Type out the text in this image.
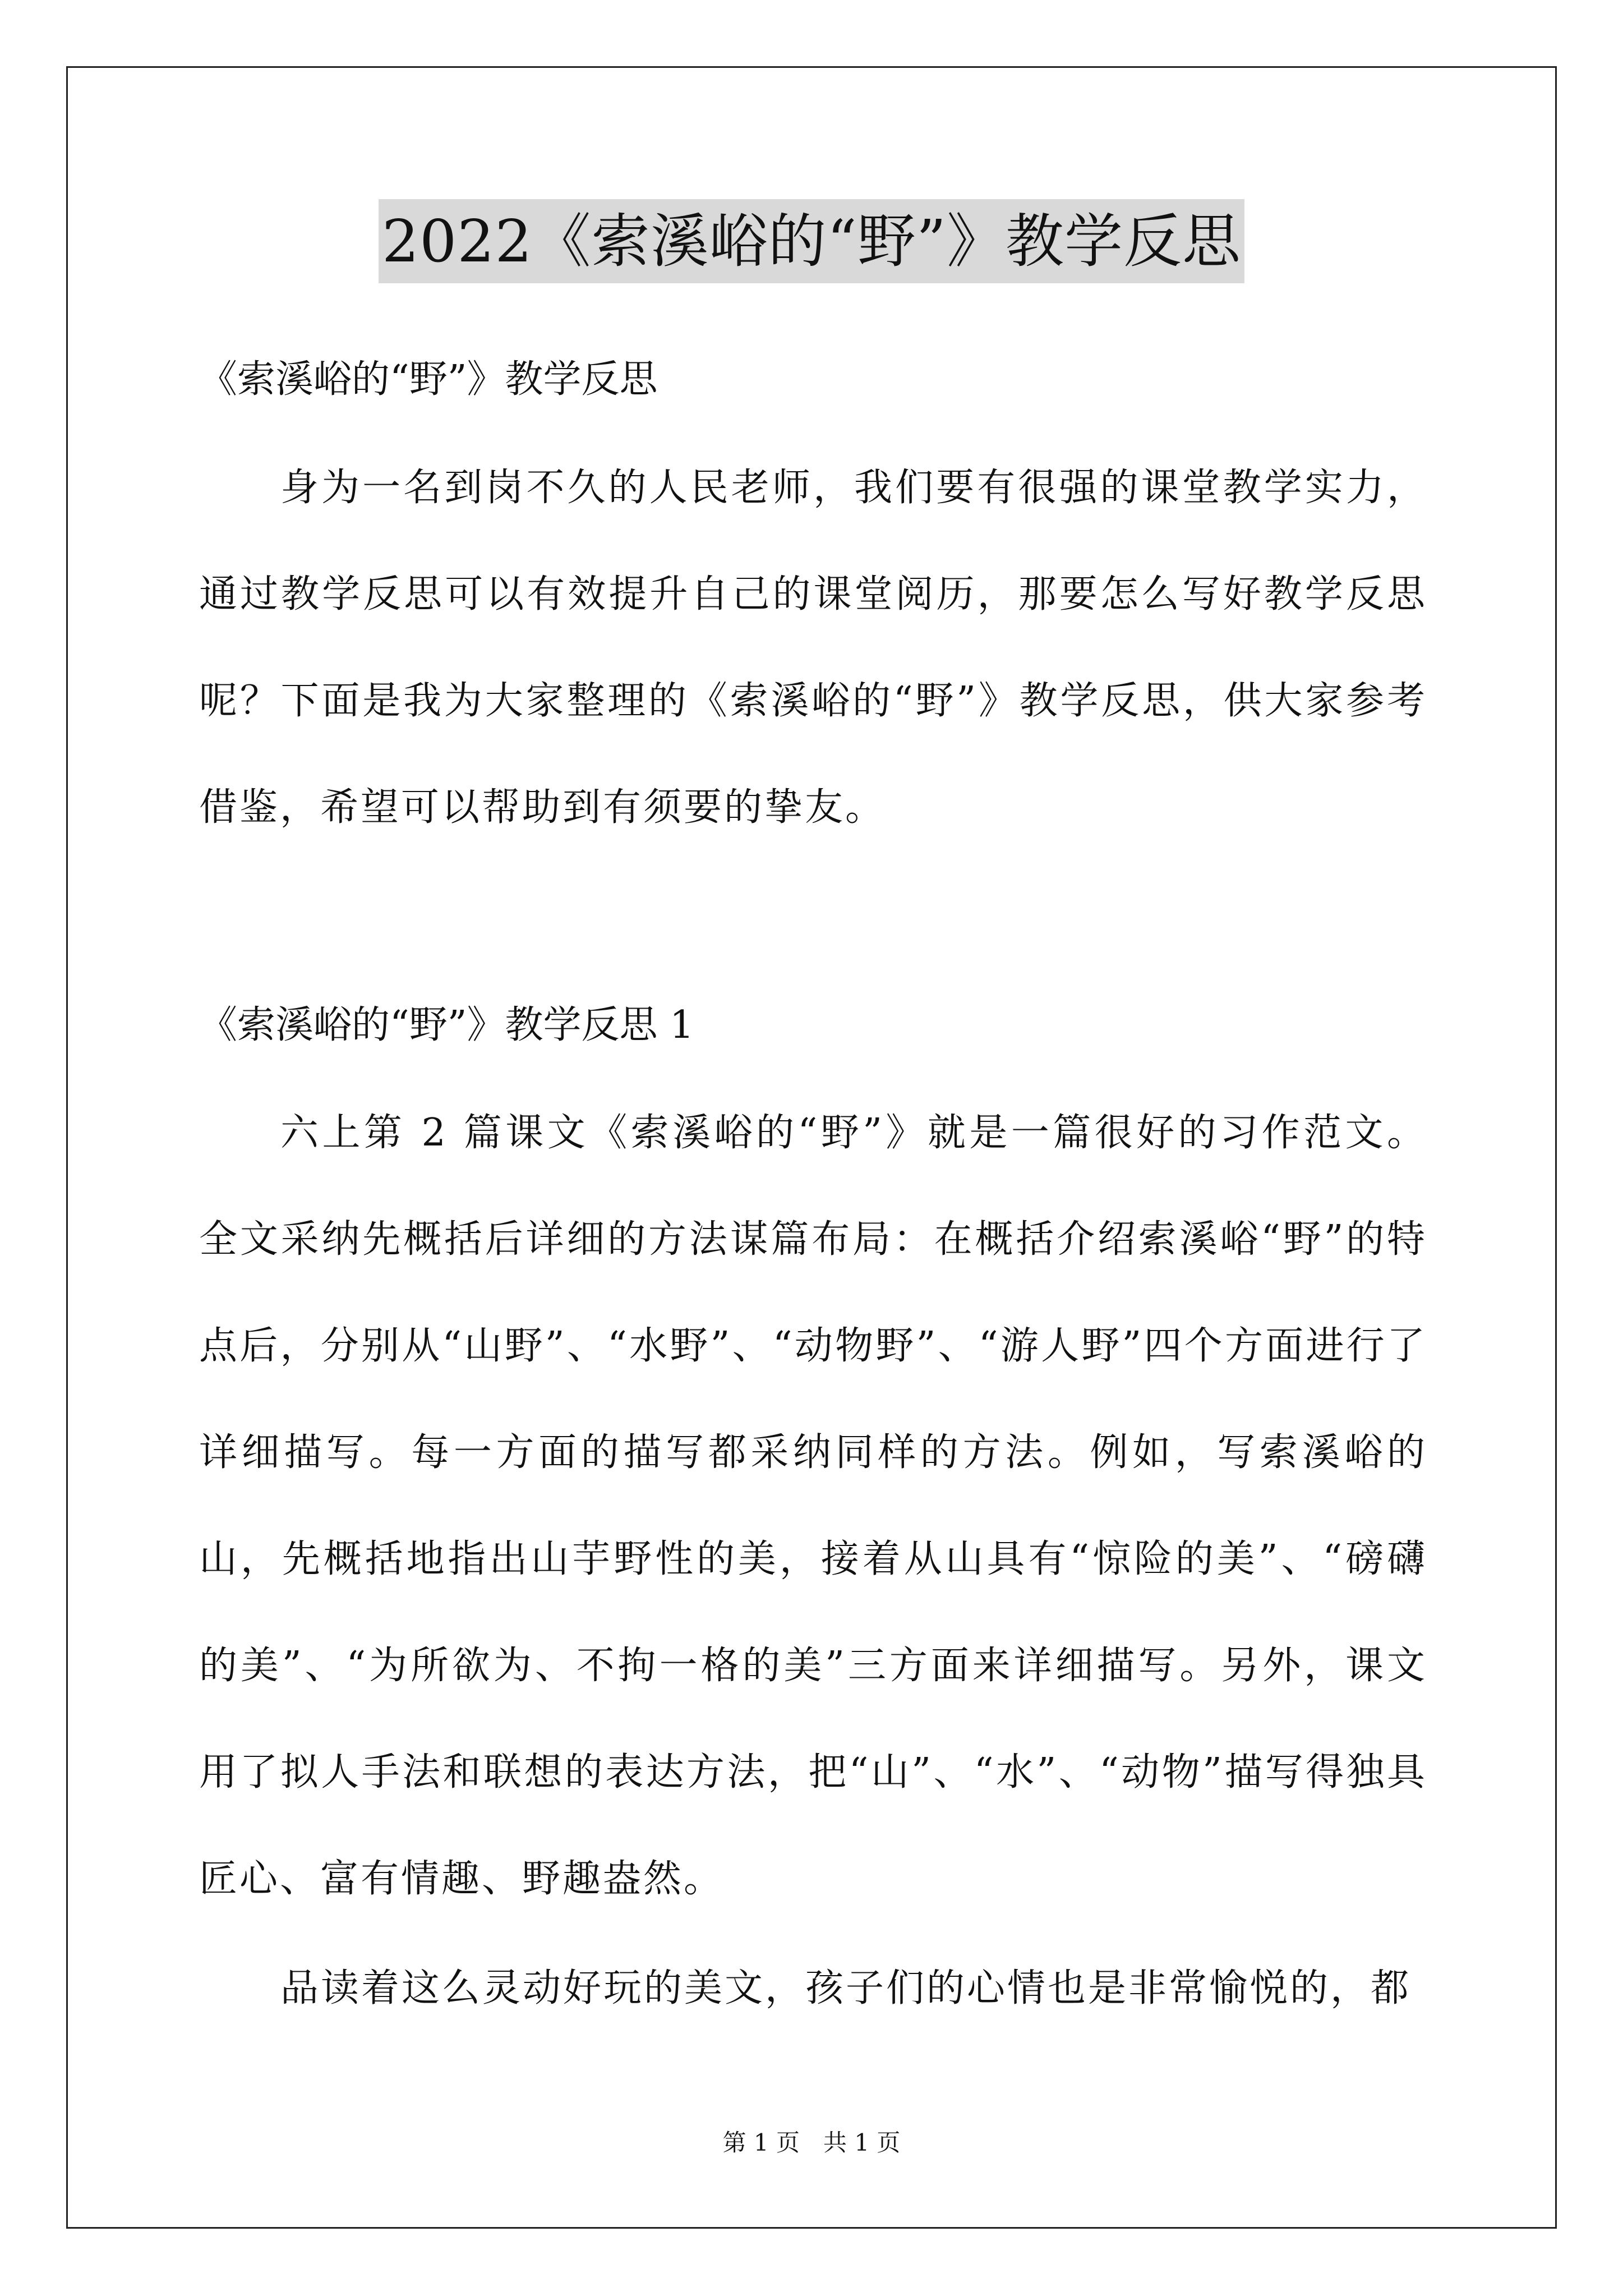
2022《索溪峪的“野”》教学反思
《索溪峪的“野”》教学反思
身为一名到岗不久的人民老师，我们要有很强的课堂教学实力，通过教学反思可以有效提升自己的课堂阅历，那要怎么写好教学反思呢？下面是我为大家整理的《索溪峪的“野”》教学反思，供大家参考借鉴，希望可以帮助到有须要的挚友。
《索溪峪的“野”》教学反思 1
六上第 2 篇课文《索溪峪的“野”》就是一篇很好的习作范文。全文采纳先概括后详细的方法谋篇布局：在概括介绍索溪峪“野”的特点后，分别从“山野”、“水野”、“动物野”、“游人野”四个方面进行了详细描写。每一方面的描写都采纳同样的方法。例如，写索溪峪的山，先概括地指出山芋野性的美，接着从山具有“惊险的美”、“磅礴的美”、“为所欲为、不拘一格的美”三方面来详细描写。另外，课文用了拟人手法和联想的表达方法，把“山”、“水”、“动物”描写得独具匠心、富有情趣、野趣盎然。
品读着这么灵动好玩的美文，孩子们的心情也是非常愉悦的，都
第 1 页　共 1 页
